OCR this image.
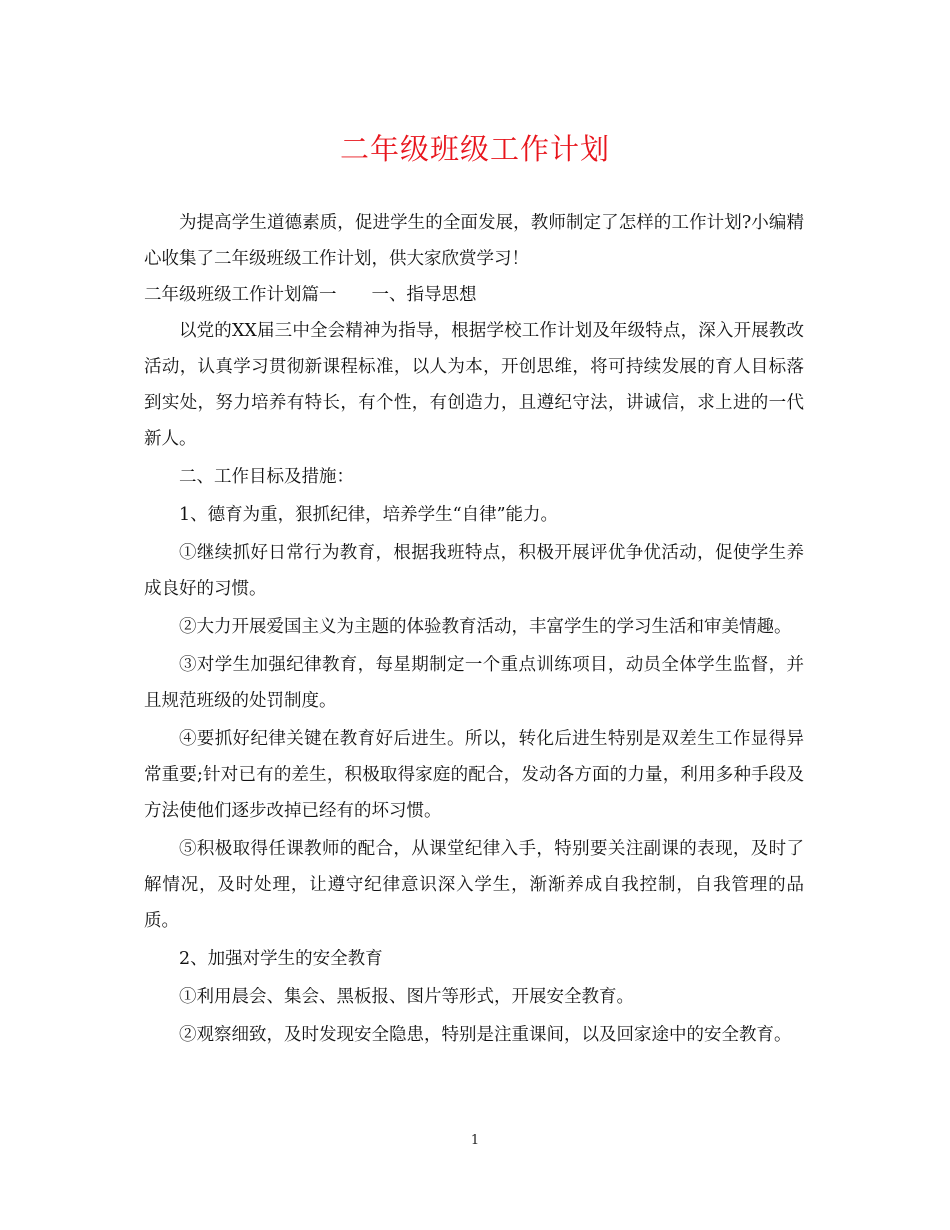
二年级班级工作计划

为提高学生道德素质，促进学生的全面发展，教师制定了怎样的工作计划?小编精心收集了二年级班级工作计划，供大家欣赏学习！

二年级班级工作计划篇一　　一、指导思想

以党的XX届三中全会精神为指导，根据学校工作计划及年级特点，深入开展教改活动，认真学习贯彻新课程标准，以人为本，开创思维，将可持续发展的育人目标落到实处，努力培养有特长，有个性，有创造力，且遵纪守法，讲诚信，求上进的一代新人。

二、工作目标及措施：

1、德育为重，狠抓纪律，培养学生“自律”能力。

①继续抓好日常行为教育，根据我班特点，积极开展评优争优活动，促使学生养成良好的习惯。

②大力开展爱国主义为主题的体验教育活动，丰富学生的学习生活和审美情趣。

③对学生加强纪律教育，每星期制定一个重点训练项目，动员全体学生监督，并且规范班级的处罚制度。

④要抓好纪律关键在教育好后进生。所以，转化后进生特别是双差生工作显得异常重要;针对已有的差生，积极取得家庭的配合，发动各方面的力量，利用多种手段及方法使他们逐步改掉已经有的坏习惯。

⑤积极取得任课教师的配合，从课堂纪律入手，特别要关注副课的表现，及时了解情况，及时处理，让遵守纪律意识深入学生，渐渐养成自我控制，自我管理的品质。

2、加强对学生的安全教育

①利用晨会、集会、黑板报、图片等形式，开展安全教育。

②观察细致，及时发现安全隐患，特别是注重课间，以及回家途中的安全教育。

1
